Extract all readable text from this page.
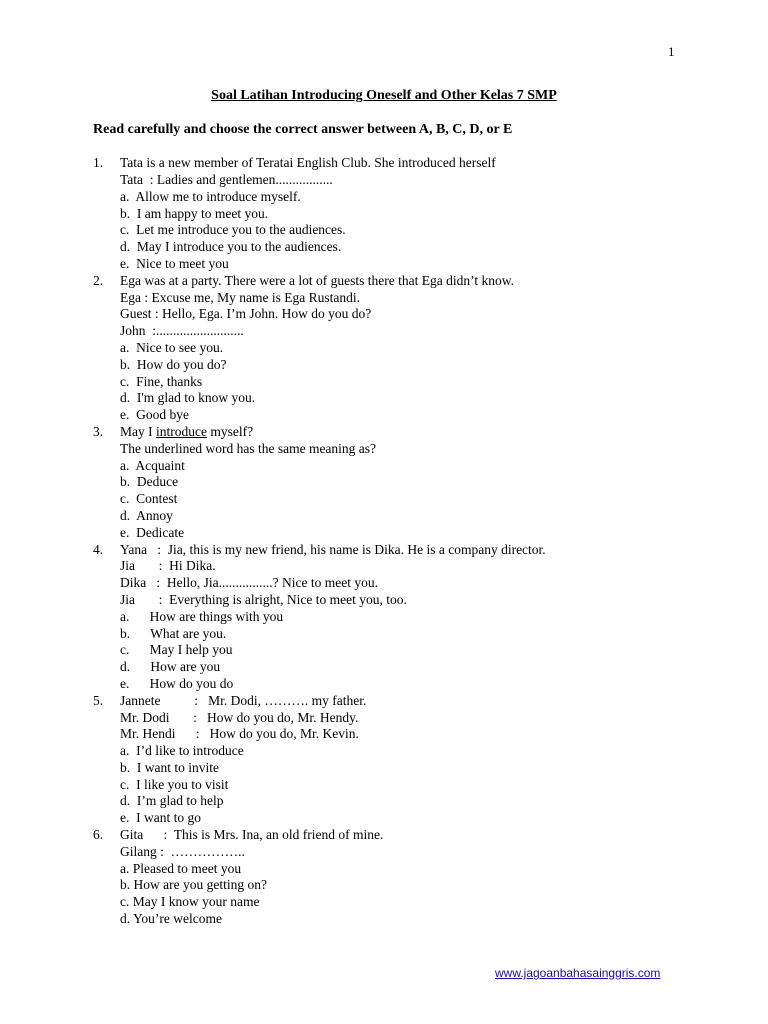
1
Soal Latihan Introducing Oneself and Other Kelas 7 SMP
Read carefully and choose the correct answer between A, B, C, D, or E
1. Tata is a new member of Teratai English Club. She introduced herself
Tata  : Ladies and gentlemen.................
a.  Allow me to introduce myself.
b.  I am happy to meet you.
c.  Let me introduce you to the audiences.
d.  May I introduce you to the audiences.
e.  Nice to meet you
2. Ega was at a party. There were a lot of guests there that Ega didn’t know.
Ega : Excuse me, My name is Ega Rustandi.
Guest : Hello, Ega. I’m John. How do you do?
John  :..........................
a.  Nice to see you.
b.  How do you do?
c.  Fine, thanks
d.  I'm glad to know you.
e.  Good bye
3. May I introduce myself?
The underlined word has the same meaning as?
a.  Acquaint
b.  Deduce
c.  Contest
d.  Annoy
e.  Dedicate
4. Yana   :  Jia, this is my new friend, his name is Dika. He is a company director.
Jia       :  Hi Dika.
Dika   :  Hello, Jia................? Nice to meet you.
Jia       :  Everything is alright, Nice to meet you, too.
a.      How are things with you
b.      What are you.
c.      May I help you
d.      How are you
e.      How do you do
5. Jannete          :   Mr. Dodi, ………. my father.
Mr. Dodi       :   How do you do, Mr. Hendy.
Mr. Hendi      :   How do you do, Mr. Kevin.
a.  I’d like to introduce
b.  I want to invite
c.  I like you to visit
d.  I’m glad to help
e.  I want to go
6. Gita      :  This is Mrs. Ina, an old friend of mine.
Gilang :  ……………..
a. Pleased to meet you
b. How are you getting on?
c. May I know your name
d. You’re welcome
www.jagoanbahasainggris.com
